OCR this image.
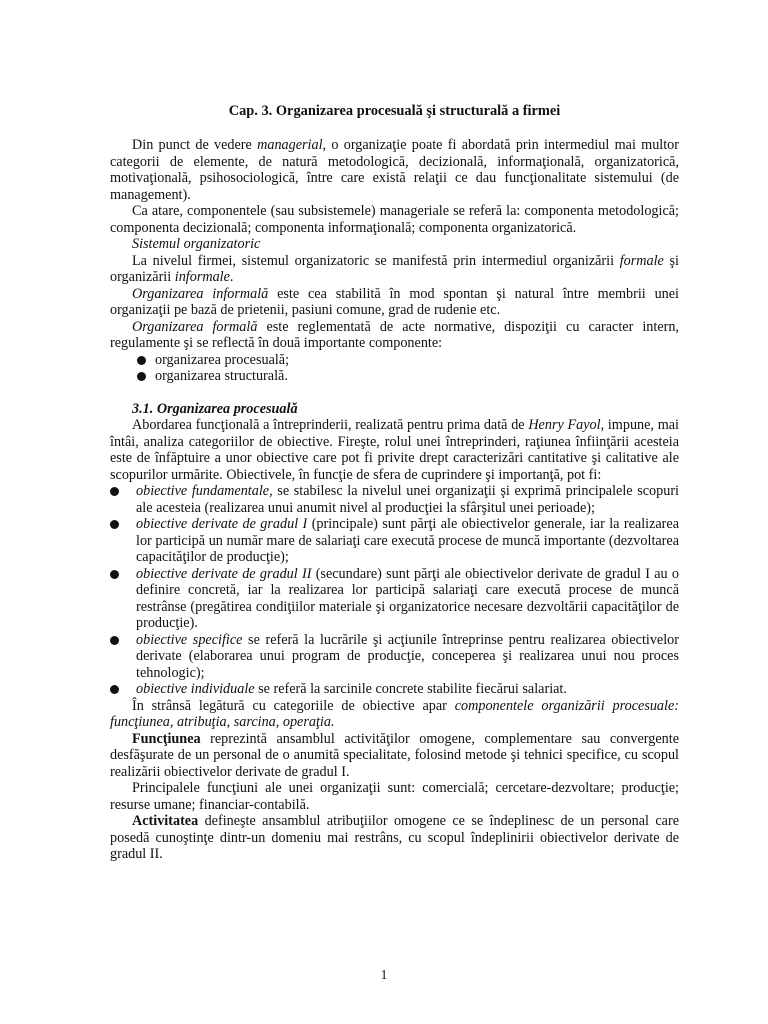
Cap. 3. Organizarea procesuală şi structurală a firmei

Din punct de vedere managerial, o organizaţie poate fi abordată prin intermediul mai multor categorii de elemente, de natură metodologică, decizională, informaţională, organizatorică, motivaţională, psihosociologică, între care există relaţii ce dau funcţionalitate sistemului (de management).

Ca atare, componentele (sau subsistemele) manageriale se referă la: componenta metodologică; componenta decizională; componenta informaţională; componenta organizatorică.

Sistemul organizatoric

La nivelul firmei, sistemul organizatoric se manifestă prin intermediul organizării formale şi organizării informale.

Organizarea informală este cea stabilită în mod spontan şi natural între membrii unei organizaţii pe bază de prietenii, pasiuni comune, grad de rudenie etc.

Organizarea formală este reglementată de acte normative, dispoziţii cu caracter intern, regulamente şi se reflectă în două importante componente:

organizarea procesuală;
organizarea structurală.
3.1. Organizarea procesuală

Abordarea funcţională a întreprinderii, realizată pentru prima dată de Henry Fayol, impune, mai întâi, analiza categoriilor de obiective. Fireşte, rolul unei întreprinderi, raţiunea înfiinţării acesteia este de înfăptuire a unor obiective care pot fi privite drept caracterizări cantitative şi calitative ale scopurilor urmărite. Obiectivele, în funcţie de sfera de cuprindere şi importanţă, pot fi:

obiective fundamentale, se stabilesc la nivelul unei organizaţii şi exprimă principalele scopuri ale acesteia (realizarea unui anumit nivel al producţiei la sfârşitul unei perioade);
obiective derivate de gradul I (principale) sunt părţi ale obiectivelor generale, iar la realizarea lor participă un număr mare de salariaţi care execută procese de muncă importante (dezvoltarea capacităţilor de producţie);
obiective derivate de gradul II (secundare) sunt părţi ale obiectivelor derivate de gradul I au o definire concretă, iar la realizarea lor participă salariaţi care execută procese de muncă restrânse (pregătirea condiţiilor materiale şi organizatorice necesare dezvoltării capacităţilor de producţie).
obiective specifice se referă la lucrările şi acţiunile întreprinse pentru realizarea obiectivelor derivate (elaborarea unui program de producţie, conceperea şi realizarea unui nou proces tehnologic);
obiective individuale se referă la sarcinile concrete stabilite fiecărui salariat.

În strânsă legătură cu categoriile de obiective apar componentele organizării procesuale: funcţiunea, atribuţia, sarcina, operaţia.

Funcţiunea reprezintă ansamblul activităţilor omogene, complementare sau convergente desfăşurate de un personal de o anumită specialitate, folosind metode şi tehnici specifice, cu scopul realizării obiectivelor derivate de gradul I.

Principalele funcţiuni ale unei organizaţii sunt: comercială; cercetare-dezvoltare; producţie; resurse umane; financiar-contabilă.

Activitatea defineşte ansamblul atribuţiilor omogene ce se îndeplinesc de un personal care posedă cunoştinţe dintr-un domeniu mai restrâns, cu scopul îndeplinirii obiectivelor derivate de gradul II.

1
